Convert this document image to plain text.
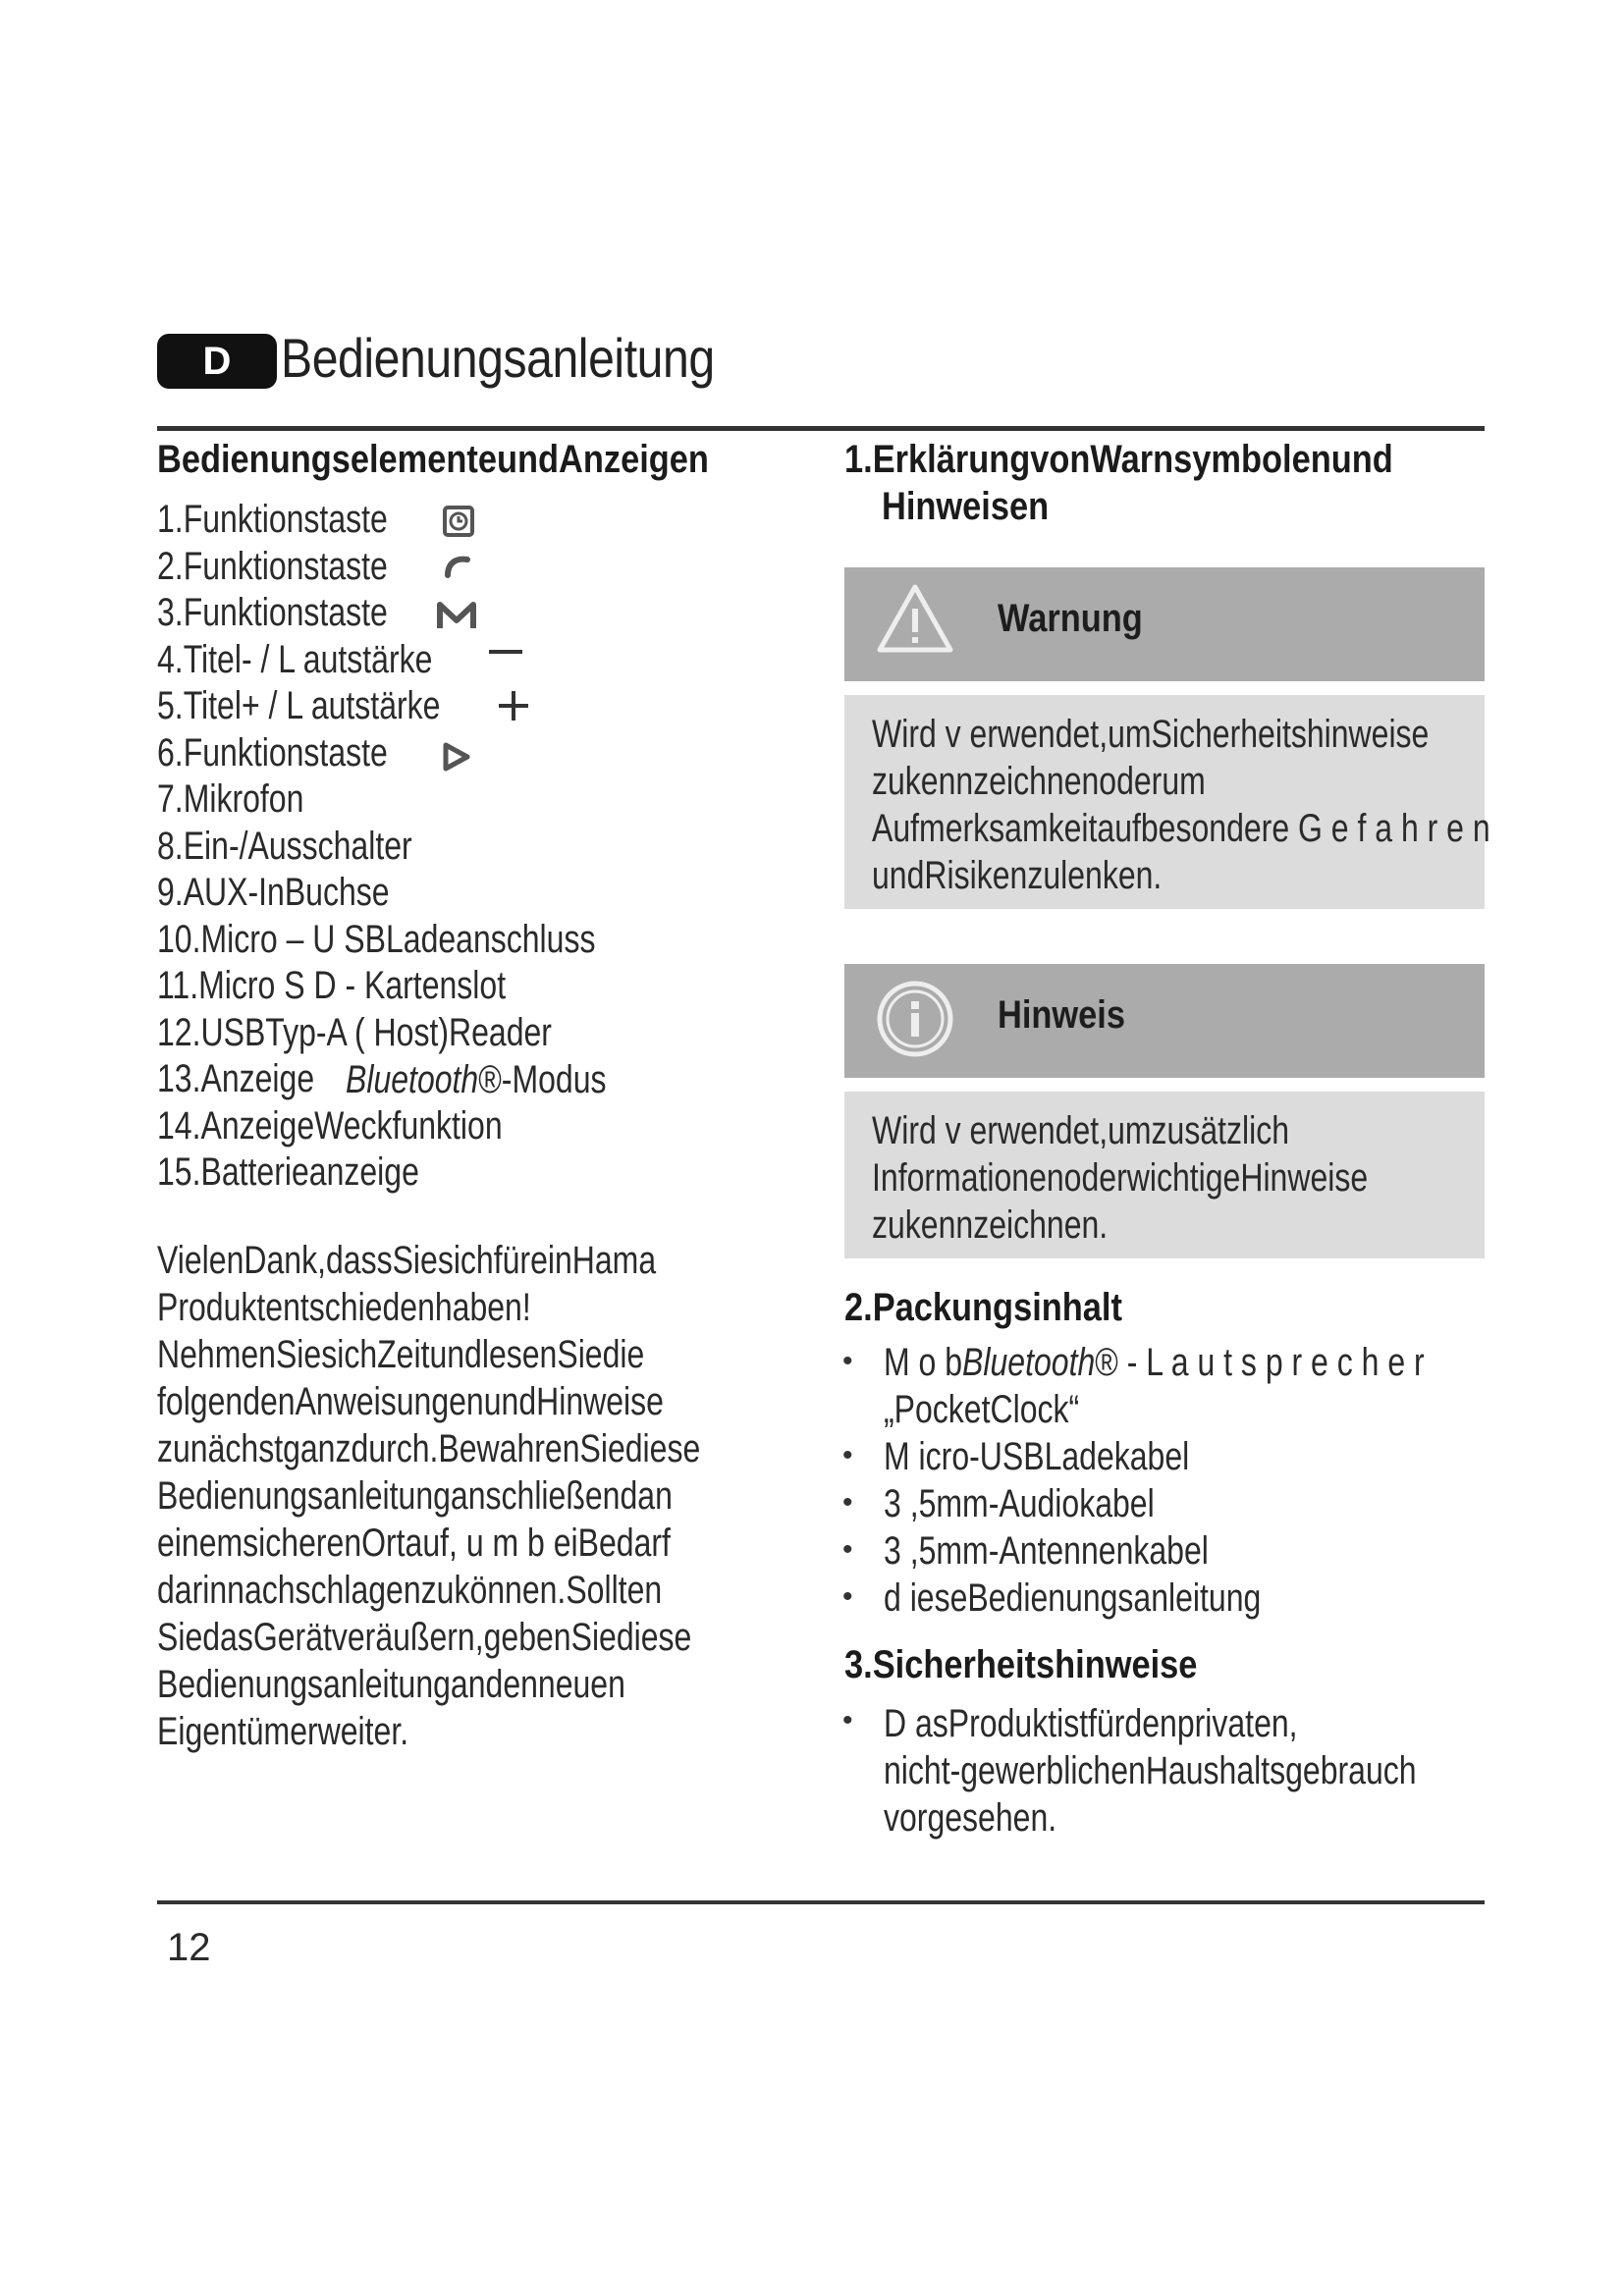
D Bedienungsanleitung
BedienungselementeundAnzeigen
1.Funktionstaste
2.Funktionstaste
3.Funktionstaste
4.Titel- / L autstärke
5.Titel+ / L autstärke
6.Funktionstaste
7.Mikrofon
8.Ein-/Ausschalter
9.AUX-InBuchse
10.Micro – U SBLadeanschluss
11.Micro S D - Kartenslot
12.USBTyp-A ( Host)Reader
13.Anzeige
14.AnzeigeWeckfunktion
15.Batterieanzeige
Bluetooth®-Modus
VielenDank,dassSiesichfüreinHama
Produktentschiedenhaben!
NehmenSiesichZeitundlesenSiedie
folgendenAnweisungenundHinweise
zunächstganzdurch.BewahrenSiediese
Bedienungsanleitunganschließendan
einemsicherenOrtauf, u m b eiBedarf
darinnachschlagenzukönnen.Sollten
SiedasGerätveräußern,gebenSiediese
Bedienungsanleitungandenneuen
Eigentümerweiter.
1.ErklärungvonWarnsymbolenund
Hinweisen
Warnung
Wird v erwendet,umSicherheitshinweise
zukennzeichnenoderum
Aufmerksamkeitaufbesondere G e f a h r e n
undRisikenzulenken.
Hinweis
Wird v erwendet,umzusätzlich
InformationenoderwichtigeHinweise
zukennzeichnen.
2.Packungsinhalt
• M o bBluetooth® - L a u t s p r e c h e r
„PocketClock“
• M icro-USBLadekabel
• 3 ,5mm-Audiokabel
• 3 ,5mm-Antennenkabel
• d ieseBedienungsanleitung
3.Sicherheitshinweise
• D asProduktistfürdenprivaten,
nicht-gewerblichenHaushaltsgebrauch
vorgesehen.
12
